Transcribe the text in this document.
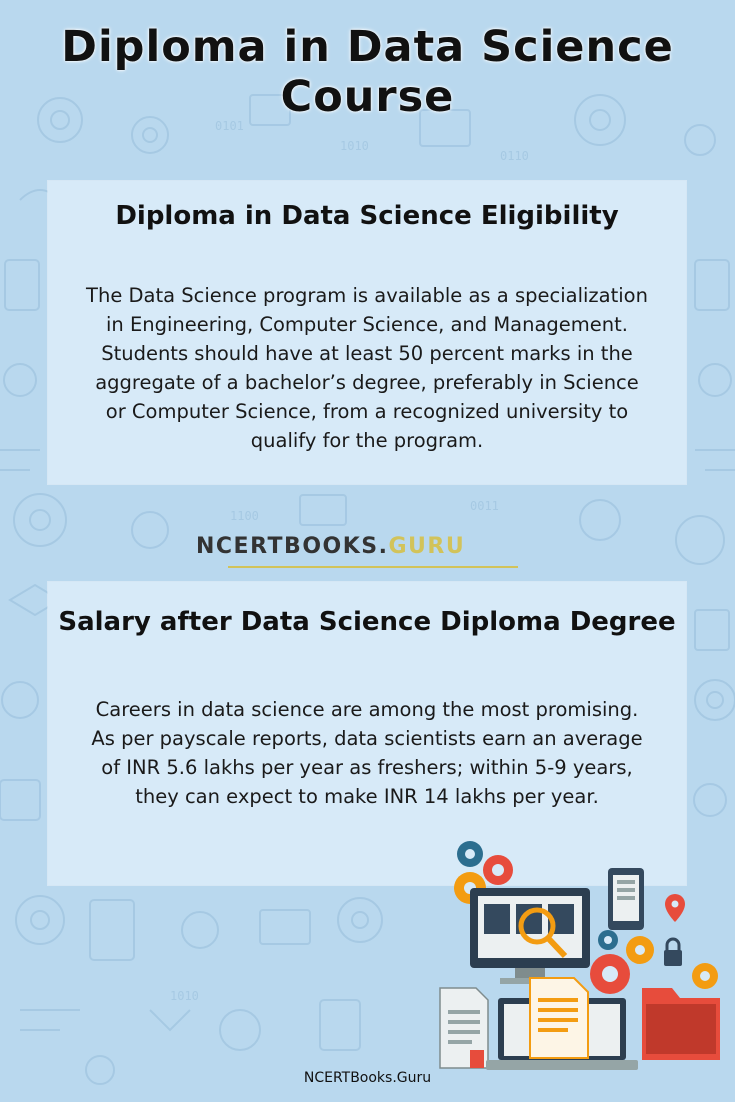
0101
1010
0110
1100
0011
1010
Diploma in Data Science Course
Diploma in Data Science Eligibility
The Data Science program is available as a specialization
in Engineering, Computer Science, and Management.
Students should have at least 50 percent marks in the
aggregate of a bachelor’s degree, preferably in Science
or Computer Science, from a recognized university to
qualify for the program.
NCERTBOOKS.GURU
Salary after Data Science Diploma Degree
Careers in data science are among the most promising.
As per payscale reports, data scientists earn an average
of INR 5.6 lakhs per year as freshers; within 5-9 years,
they can expect to make INR 14 lakhs per year.
NCERTBooks.Guru
